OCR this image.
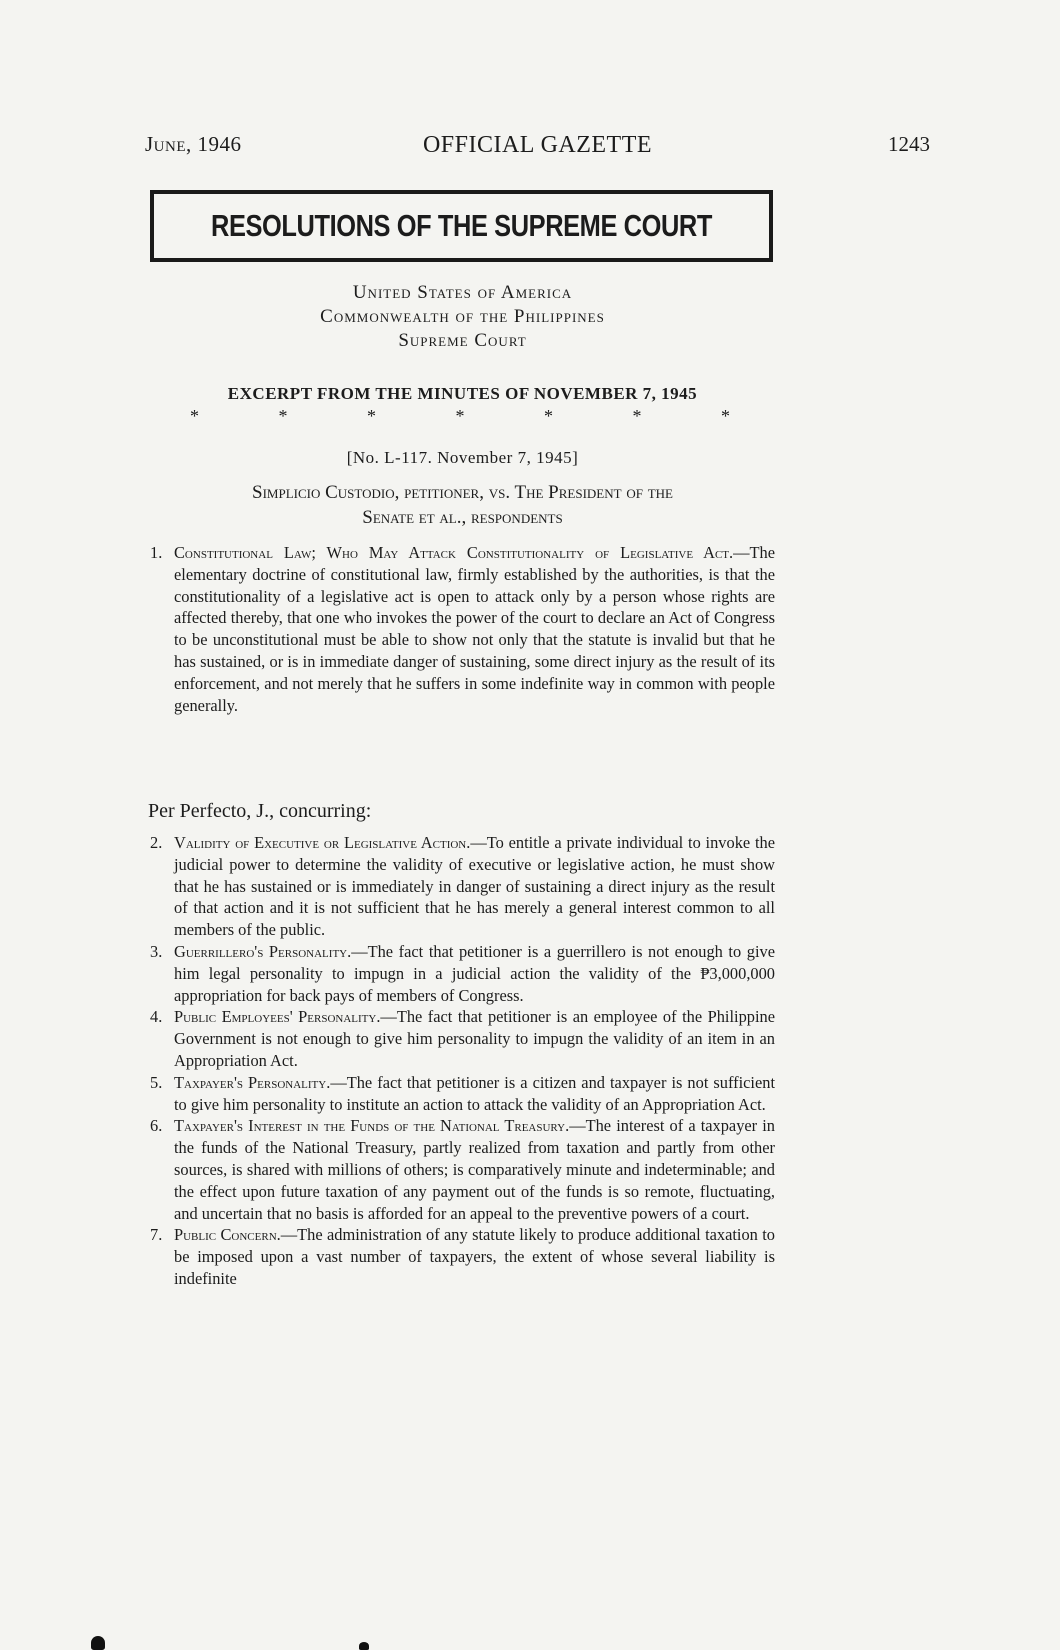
June, 1946	OFFICIAL GAZETTE	1243
RESOLUTIONS OF THE SUPREME COURT
United States of America
Commonwealth of the Philippines
Supreme Court
EXCERPT FROM THE MINUTES OF NOVEMBER 7, 1945
*	*	*	*	*	*	*
[No. L-117. November 7, 1945]
Simplicio Custodio, petitioner, vs. The President of the
Senate et al., respondents

1. Constitutional Law; Who May Attack Constitutionality of Legislative Act.—The elementary doctrine of constitutional law, firmly established by the authorities, is that the constitutionality of a legislative act is open to attack only by a person whose rights are affected thereby, that one who invokes the power of the court to declare an Act of Congress to be unconstitutional must be able to show not only that the statute is invalid but that he has sustained, or is in immediate danger of sustaining, some direct injury as the result of its enforcement, and not merely that he suffers in some indefinite way in common with people generally.

Per Perfecto, J., concurring:

2. Validity of Executive or Legislative Action.—To entitle a private individual to invoke the judicial power to determine the validity of executive or legislative action, he must show that he has sustained or is immediately in danger of sustaining a direct injury as the result of that action and it is not sufficient that he has merely a general interest common to all members of the public.

3. Guerrillero's Personality.—The fact that petitioner is a guerrillero is not enough to give him legal personality to impugn in a judicial action the validity of the ₱3,000,000 appropriation for back pays of members of Congress.

4. Public Employees' Personality.—The fact that petitioner is an employee of the Philippine Government is not enough to give him personality to impugn the validity of an item in an Appropriation Act.

5. Taxpayer's Personality.—The fact that petitioner is a citizen and taxpayer is not sufficient to give him personality to institute an action to attack the validity of an Appropriation Act.

6. Taxpayer's Interest in the Funds of the National Treasury.—The interest of a taxpayer in the funds of the National Treasury, partly realized from taxation and partly from other sources, is shared with millions of others; is comparatively minute and indeterminable; and the effect upon future taxation of any payment out of the funds is so remote, fluctuating, and uncertain that no basis is afforded for an appeal to the preventive powers of a court.

7. Public Concern.—The administration of any statute likely to produce additional taxation to be imposed upon a vast number of taxpayers, the extent of whose several liability is indefinite
